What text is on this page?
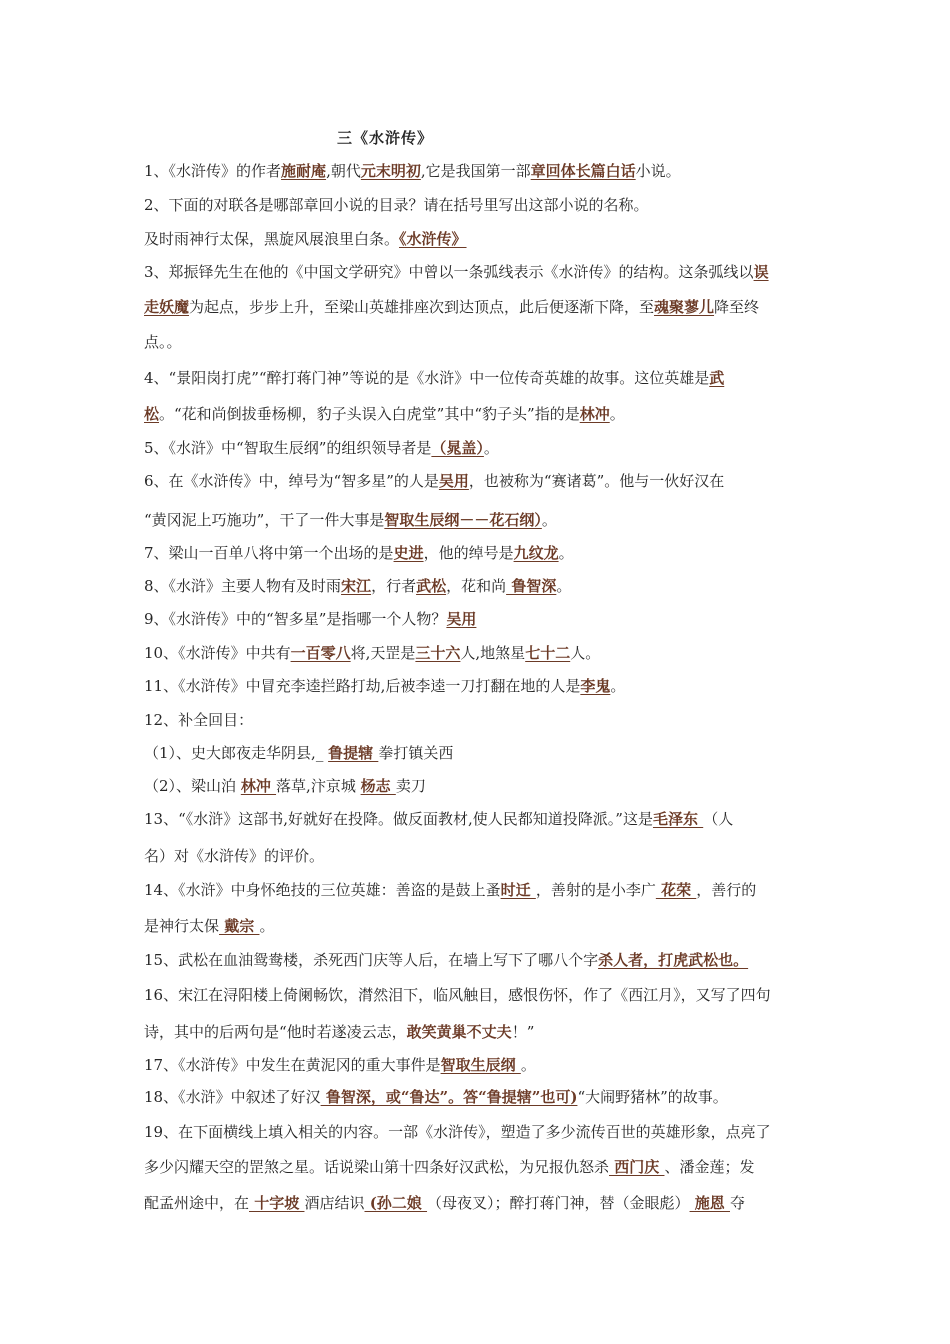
三《水浒传》
1、《水浒传》的作者施耐庵,朝代元末明初,它是我国第一部章回体长篇白话小说。
2、下面的对联各是哪部章回小说的目录？请在括号里写出这部小说的名称。
及时雨神行太保，黑旋风展浪里白条。《水浒传》
3、郑振铎先生在他的《中国文学研究》中曾以一条弧线表示《水浒传》的结构。这条弧线以误
走妖魔为起点，步步上升，至梁山英雄排座次到达顶点，此后便逐渐下降，至魂聚蓼儿降至终
点。。
4、“景阳岗打虎”“醉打蒋门神”等说的是《水浒》中一位传奇英雄的故事。这位英雄是武
松。“花和尚倒拔垂杨柳，豹子头误入白虎堂”其中“豹子头”指的是林冲。
5、《水浒》中“智取生辰纲”的组织领导者是（晁盖）。
6、在《水浒传》中，绰号为“智多星”的人是吴用，也被称为“赛诸葛”。他与一伙好汉在
“黄冈泥上巧施功”，干了一件大事是智取生辰纲－－花石纲）。
7、梁山一百单八将中第一个出场的是史进，他的绰号是九纹龙。
8、《水浒》主要人物有及时雨宋江，行者武松，花和尚 鲁智深。
9、《水浒传》中的“智多星”是指哪一个人物？吴用
10、《水浒传》中共有一百零八将,天罡是三十六人,地煞星七十二人。
11、《水浒传》中冒充李逵拦路打劫,后被李逵一刀打翻在地的人是李鬼。
12、补全回目：
（1）、史大郎夜走华阴县,_ 鲁提辖 拳打镇关西
（2）、梁山泊 林冲 落草,汴京城 杨志 卖刀
13、“《水浒》这部书,好就好在投降。做反面教材,使人民都知道投降派。”这是毛泽东 （人
名）对《水浒传》的评价。
14、《水浒》中身怀绝技的三位英雄：善盗的是鼓上蚤时迁 ，善射的是小李广 花荣 ，善行的
是神行太保 戴宗 。
15、武松在血油鸳鸯楼，杀死西门庆等人后，在墙上写下了哪八个字杀人者，打虎武松也。
16、宋江在浔阳楼上倚阑畅饮，潸然泪下，临风触目，感恨伤怀，作了《西江月》，又写了四句
诗，其中的后两句是“他时若遂凌云志，敢笑黄巢不丈夫！”
17、《水浒传》中发生在黄泥冈的重大事件是智取生辰纲 。
18、《水浒》中叙述了好汉 鲁智深，或“鲁达”。答“鲁提辖”也可)“大闹野猪林”的故事。
19、在下面横线上填入相关的内容。一部《水浒传》，塑造了多少流传百世的英雄形象，点亮了
多少闪耀天空的罡煞之星。话说梁山第十四条好汉武松，为兄报仇怒杀 西门庆 、潘金莲；发
配孟州途中，在 十字坡 酒店结识 (孙二娘 （母夜叉）；醉打蒋门神，替（金眼彪） 施恩 夺
